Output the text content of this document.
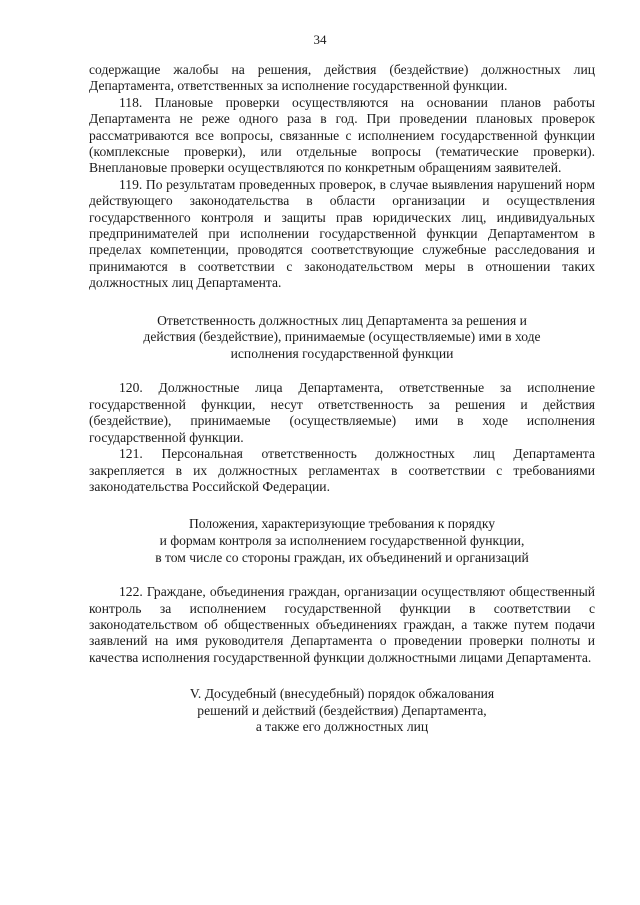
34

содержащие жалобы на решения, действия (бездействие) должностных лиц Департамента, ответственных за исполнение государственной функции.

118. Плановые проверки осуществляются на основании планов работы Департамента не реже одного раза в год. При проведении плановых проверок рассматриваются все вопросы, связанные с исполнением государственной функции (комплексные проверки), или отдельные вопросы (тематические проверки). Внеплановые проверки осуществляются по конкретным обращениям заявителей.

119. По результатам проведенных проверок, в случае выявления нарушений норм действующего законодательства в области организации и осуществления государственного контроля и защиты прав юридических лиц, индивидуальных предпринимателей при исполнении государственной функции Департаментом в пределах компетенции, проводятся соответствующие служебные расследования и принимаются в соответствии с законодательством меры в отношении таких должностных лиц Департамента.

Ответственность должностных лиц Департамента за решения и
действия (бездействие), принимаемые (осуществляемые) ими в ходе
исполнения государственной функции

120. Должностные лица Департамента, ответственные за исполнение государственной функции, несут ответственность за решения и действия (бездействие), принимаемые (осуществляемые) ими в ходе исполнения государственной функции.

121. Персональная ответственность должностных лиц Департамента закрепляется в их должностных регламентах в соответствии с требованиями законодательства Российской Федерации.

Положения, характеризующие требования к порядку
и формам контроля за исполнением государственной функции,
в том числе со стороны граждан, их объединений и организаций

122. Граждане, объединения граждан, организации осуществляют общественный контроль за исполнением государственной функции в соответствии с законодательством об общественных объединениях граждан, а также путем подачи заявлений на имя руководителя Департамента о проведении проверки полноты и качества исполнения государственной функции должностными лицами Департамента.

V. Досудебный (внесудебный) порядок обжалования
решений и действий (бездействия) Департамента,
а также его должностных лиц
